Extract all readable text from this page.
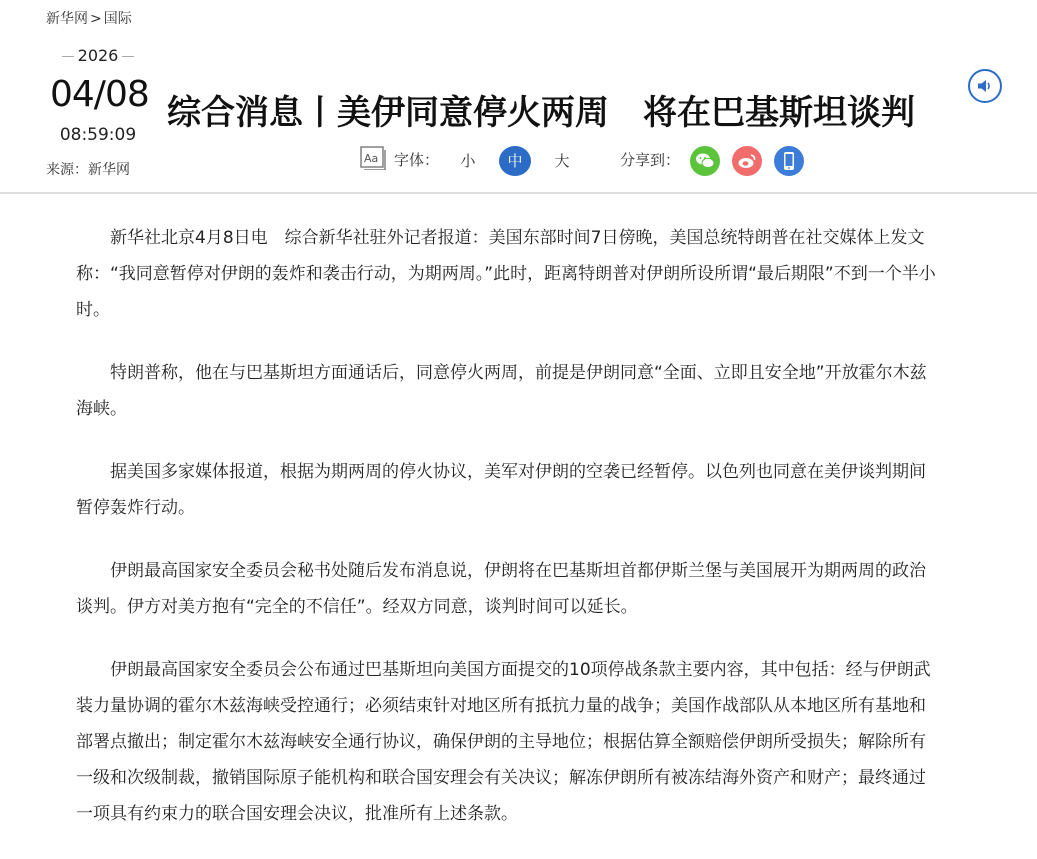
新华网 > 国际
2026
04/08
08:59:09
来源：新华网
综合消息丨美伊同意停火两周　将在巴基斯坦谈判
Aa 字体：	小	中	大	分享到：

新华社北京4月8日电　综合新华社驻外记者报道：美国东部时间7日傍晚，美国总统特朗普在社交媒体上发文称：“我同意暂停对伊朗的轰炸和袭击行动，为期两周。”此时，距离特朗普对伊朗所设所谓“最后期限”不到一个半小时。

特朗普称，他在与巴基斯坦方面通话后，同意停火两周，前提是伊朗同意“全面、立即且安全地”开放霍尔木兹海峡。

据美国多家媒体报道，根据为期两周的停火协议，美军对伊朗的空袭已经暂停。以色列也同意在美伊谈判期间暂停轰炸行动。

伊朗最高国家安全委员会秘书处随后发布消息说，伊朗将在巴基斯坦首都伊斯兰堡与美国展开为期两周的政治谈判。伊方对美方抱有“完全的不信任”。经双方同意，谈判时间可以延长。

伊朗最高国家安全委员会公布通过巴基斯坦向美国方面提交的10项停战条款主要内容，其中包括：经与伊朗武装力量协调的霍尔木兹海峡受控通行；必须结束针对地区所有抵抗力量的战争；美国作战部队从本地区所有基地和部署点撤出；制定霍尔木兹海峡安全通行协议，确保伊朗的主导地位；根据估算全额赔偿伊朗所受损失；解除所有一级和次级制裁，撤销国际原子能机构和联合国安理会有关决议；解冻伊朗所有被冻结海外资产和财产；最终通过一项具有约束力的联合国安理会决议，批准所有上述条款。
